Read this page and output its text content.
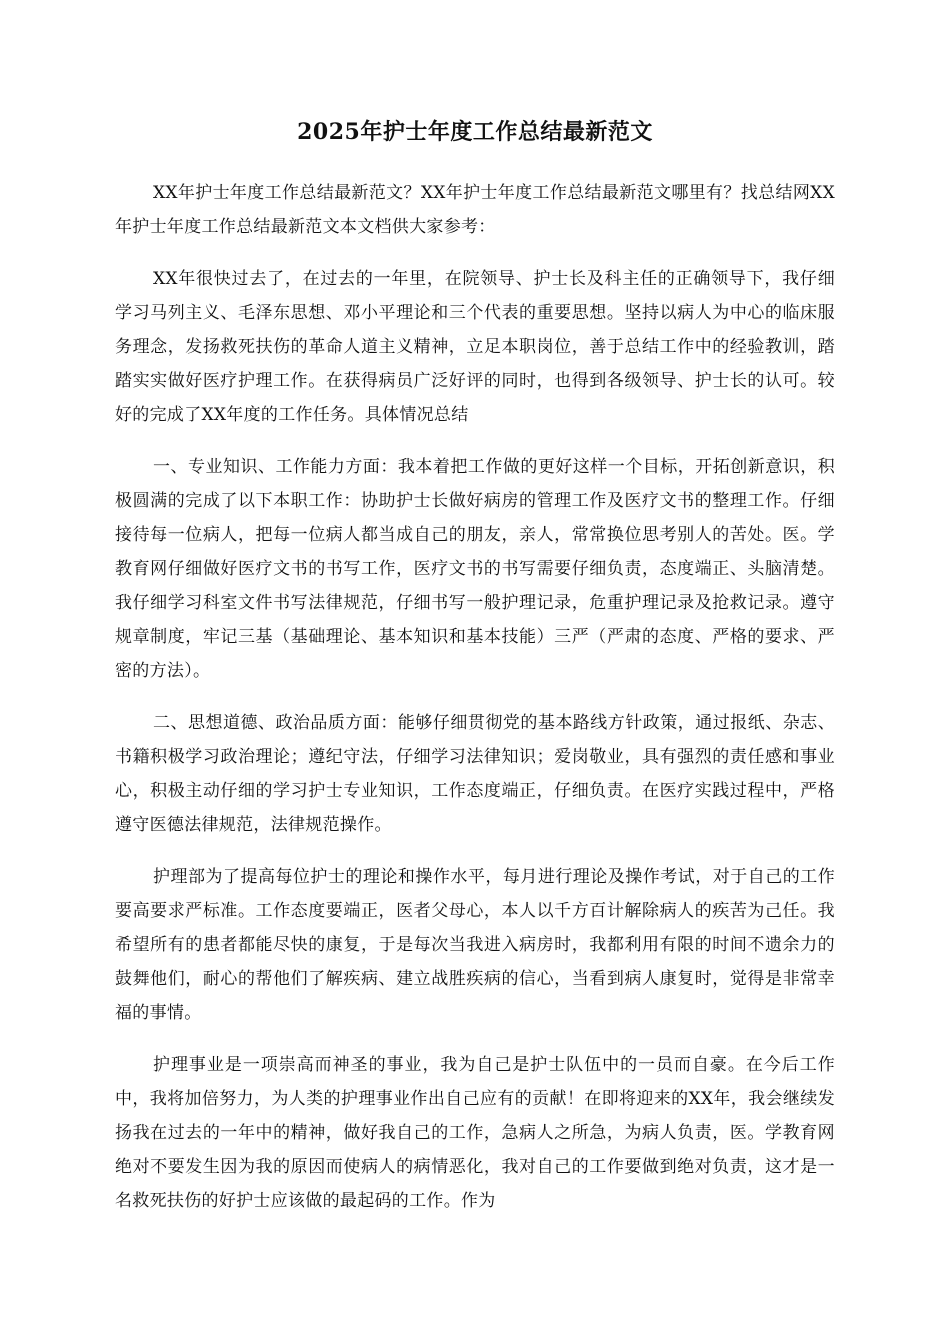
2025年护士年度工作总结最新范文

XX年护士年度工作总结最新范文？XX年护士年度工作总结最新范文哪里有？找总结网XX年护士年度工作总结最新范文本文档供大家参考：

XX年很快过去了，在过去的一年里，在院领导、护士长及科主任的正确领导下，我仔细学习马列主义、毛泽东思想、邓小平理论和三个代表的重要思想。坚持以病人为中心的临床服务理念，发扬救死扶伤的革命人道主义精神，立足本职岗位，善于总结工作中的经验教训，踏踏实实做好医疗护理工作。在获得病员广泛好评的同时，也得到各级领导、护士长的认可。较好的完成了XX年度的工作任务。具体情况总结

一、专业知识、工作能力方面：我本着把工作做的更好这样一个目标，开拓创新意识，积极圆满的完成了以下本职工作：协助护士长做好病房的管理工作及医疗文书的整理工作。仔细接待每一位病人，把每一位病人都当成自己的朋友，亲人，常常换位思考别人的苦处。医。学教育网仔细做好医疗文书的书写工作，医疗文书的书写需要仔细负责，态度端正、头脑清楚。我仔细学习科室文件书写法律规范，仔细书写一般护理记录，危重护理记录及抢救记录。遵守规章制度，牢记三基（基础理论、基本知识和基本技能）三严（严肃的态度、严格的要求、严密的方法）。

二、思想道德、政治品质方面：能够仔细贯彻党的基本路线方针政策，通过报纸、杂志、书籍积极学习政治理论；遵纪守法，仔细学习法律知识；爱岗敬业，具有强烈的责任感和事业心，积极主动仔细的学习护士专业知识，工作态度端正，仔细负责。在医疗实践过程中，严格遵守医德法律规范，法律规范操作。

护理部为了提高每位护士的理论和操作水平，每月进行理论及操作考试，对于自己的工作要高要求严标准。工作态度要端正，医者父母心，本人以千方百计解除病人的疾苦为己任。我希望所有的患者都能尽快的康复，于是每次当我进入病房时，我都利用有限的时间不遗余力的鼓舞他们，耐心的帮他们了解疾病、建立战胜疾病的信心，当看到病人康复时，觉得是非常幸福的事情。

护理事业是一项崇高而神圣的事业，我为自己是护士队伍中的一员而自豪。在今后工作中，我将加倍努力，为人类的护理事业作出自己应有的贡献！在即将迎来的XX年，我会继续发扬我在过去的一年中的精神，做好我自己的工作，急病人之所急，为病人负责，医。学教育网绝对不要发生因为我的原因而使病人的病情恶化，我对自己的工作要做到绝对负责，这才是一名救死扶伤的好护士应该做的最起码的工作。作为
